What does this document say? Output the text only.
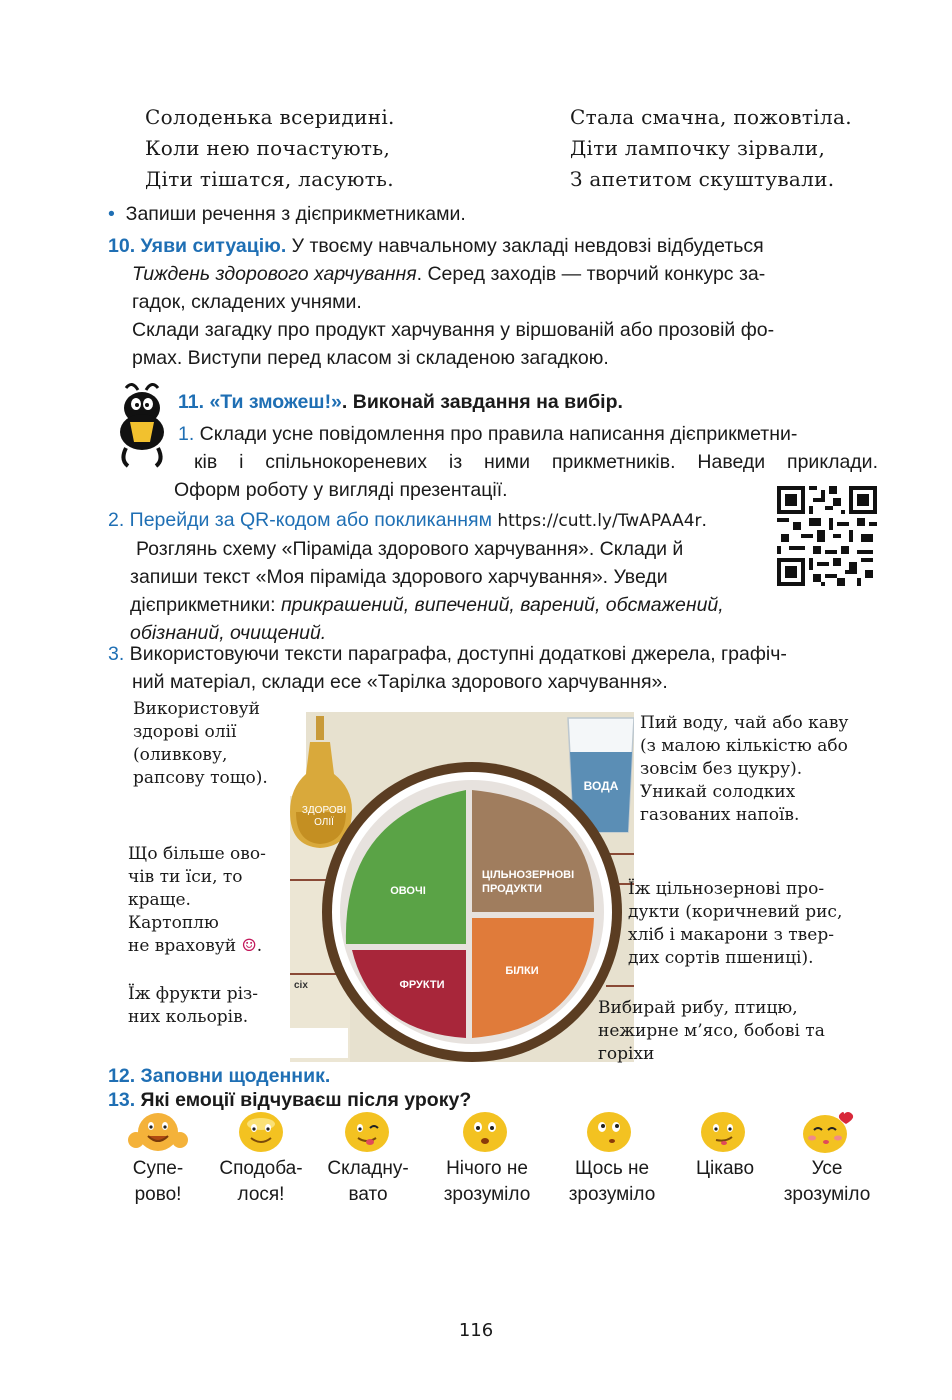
Солоденька всеридині.
Коли нею почастують,
Діти тішатся, ласують.
Стала смачна, пожовтіла.
Діти лампочку зірвали,
З апетитом скуштували.
• Запиши речення з дієприкметниками.
10. Уяви ситуацію. У твоєму навчальному закладі невдовзі відбудеться
Тиждень здорового харчування. Серед заходів — творчий конкурс за-
гадок, складених учнями.
Склади загадку про продукт харчування у віршованій або прозовій фо-
рмах. Виступи перед класом зі складеною загадкою.
11. «Ти зможеш!». Виконай завдання на вибір.
1. Склади усне повідомлення про правила написання дієприкметни-
ків і спільнокореневих із ними прикметників. Наведи приклади.
Оформ роботу у вигляді презентації.
2. Перейди за QR-кодом або покликанням https://cutt.ly/TwAPAA4r.
Розглянь схему «Піраміда здорового харчування». Склади й
запиши текст «Моя піраміда здорового харчування». Уведи
дієприкметники: прикрашений, випечений, варений, обсмажений,
обізнаний, очищений.
3. Використовуючи тексти параграфа, доступні додаткові джерела, графіч-
ний матеріал, склади есе «Тарілка здорового харчування».
ЗДОРОВІ
ОЛІЇ
ВОДА
ОВОЧІ
ЦІЛЬНОЗЕРНОВІ
ПРОДУКТИ
ФРУКТИ
БІЛКИ
сіх
Використовуй
здорові олії
(оливкову,
рапсову тощо).
Пий воду, чай або каву
(з малою кількістю або
зовсім без цукру).
Уникай солодких
газованих напоїв.
Що більше ово-
чів ти їси, то
краще.
Картоплю
не враховуй ☺.
Їж цільнозернові про-
дукти (коричневий рис,
хліб і макарони з твер-
дих сортів пшениці).
Їж фрукти різ-
них кольорів.	Вибирай рибу, птицю,
нежирне м’ясо, бобові та
горіхи
12. Заповни щоденник.
13. Які емоції відчуваєш після уроку?
Супе-
рово!
Сподоба-
лося!
Складну-
вато
Нічого не
зрозуміло
Щось не
зрозуміло
Цікаво	Усе
зрозуміло
116
